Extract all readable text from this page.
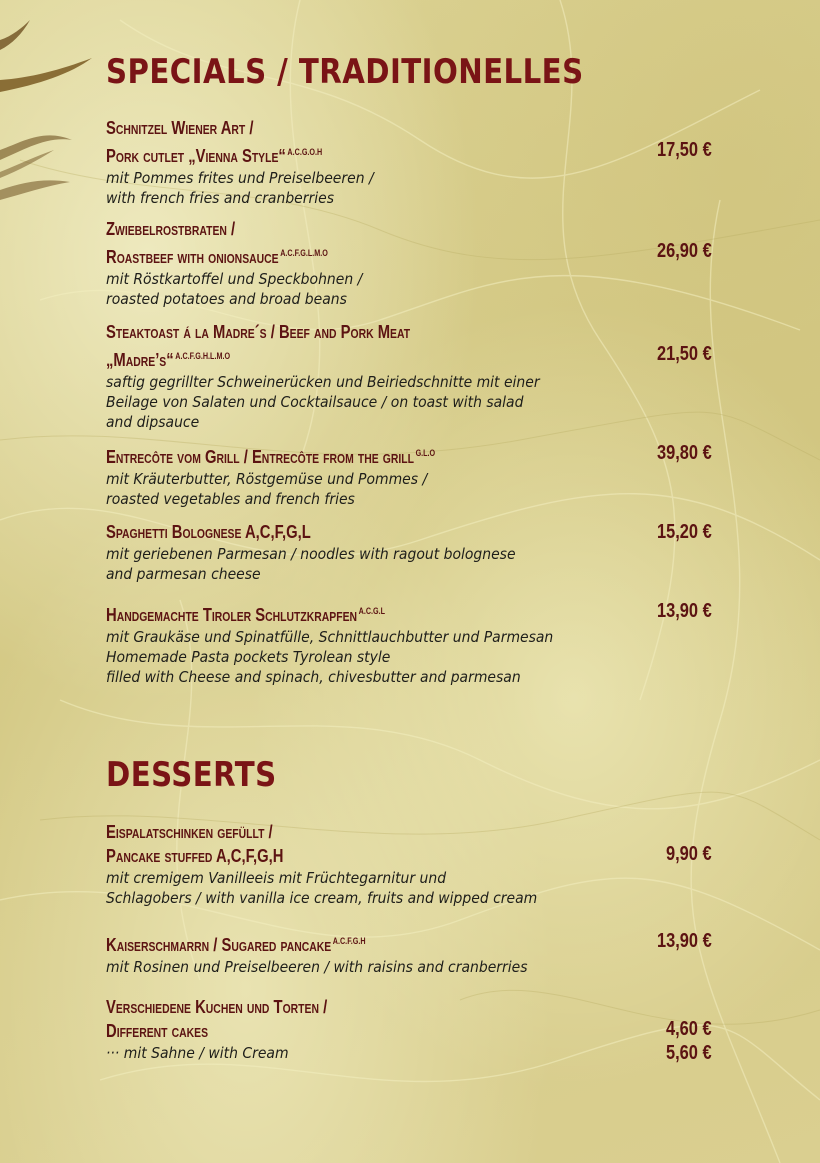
SPECIALS / TRADITIONELLES
Schnitzel Wiener Art /
Pork cutlet „Vienna Style“ $^{A.C.G.O.H}$
mit Pommes frites und Preiselbeeren /
with french fries and cranberries
17,50 €
Zwiebelrostbraten /
Roastbeef with onionsauce $^{A.C.F.G.L.M.O}$
mit Röstkartoffel und Speckbohnen /
roasted potatoes and broad beans
26,90 €
Steaktoast á la Madre´s / Beef and Pork Meat
„Madre’s“ $^{A.C.F.G.H.L.M.O}$
saftig gegrillter Schweinerücken und Beiriedschnitte mit einer
Beilage von Salaten und Cocktailsauce / on toast with salad
and dipsauce
21,50 €
Entrecôte vom Grill / Entrecôte from the grill $^{G.L.O}$
mit Kräuterbutter, Röstgemüse und Pommes /
roasted vegetables and french fries
39,80 €
Spaghetti Bolognese A,C,F,G,L
mit geriebenen Parmesan / noodles with ragout bolognese
and parmesan cheese
15,20 €
Handgemachte Tiroler Schlutzkrapfen $^{A.C.G.L}$
mit Graukäse und Spinatfülle, Schnittlauchbutter und Parmesan
Homemade Pasta pockets Tyrolean style
filled with Cheese and spinach, chivesbutter and parmesan
13,90 €
DESSERTS
Eispalatschinken gefüllt /
Pancake stuffed A,C,F,G,H
mit cremigem Vanilleeis mit Früchtegarnitur und
Schlagobers / with vanilla ice cream, fruits and wipped cream
9,90 €
Kaiserschmarrn / Sugared pancake $^{A.C.F.G.H}$
mit Rosinen und Preiselbeeren / with raisins and cranberries
13,90 €
Verschiedene Kuchen und Torten /
Different cakes
··· mit Sahne / with Cream
4,60 €
5,60 €
